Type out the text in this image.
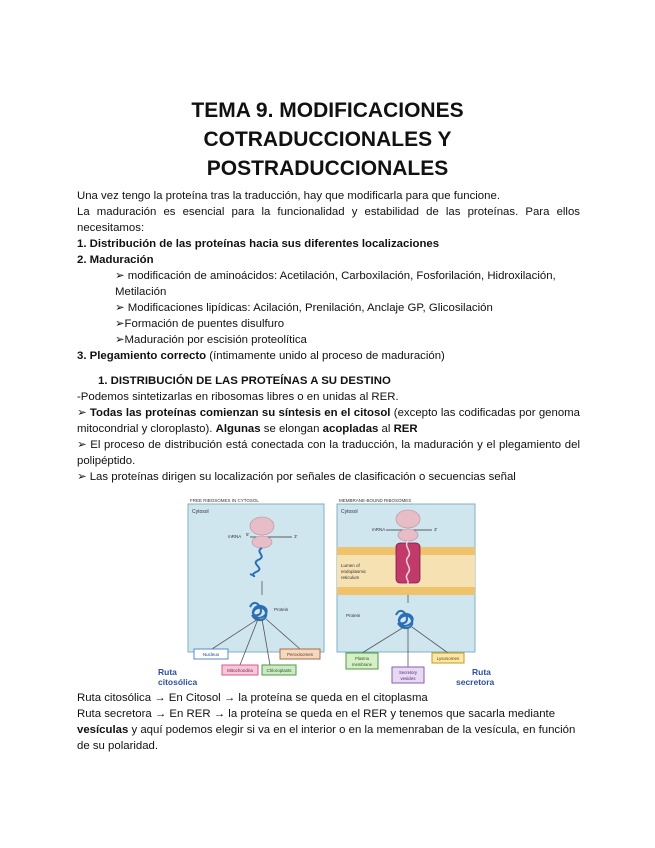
TEMA 9. MODIFICACIONES
COTRADUCCIONALES Y
POSTRADUCCIONALES

Una vez tengo la proteína tras la traducción, hay que modificarla para que funcione.

La maduración es esencial para la funcionalidad y estabilidad de las proteínas. Para ellos necesitamos:

1. Distribución de las proteínas hacia sus diferentes localizaciones

2. Maduración

➢ modificación de aminoácidos: Acetilación, Carboxilación, Fosforilación, Hidroxilación, Metilación

➢ Modificaciones lipídicas: Acilación, Prenilación, Anclaje GP, Glicosilación

➢Formación de puentes disulfuro

➢Maduración por escisión proteolítica

3. Plegamiento correcto (íntimamente unido al proceso de maduración)

1. DISTRIBUCIÓN DE LAS PROTEÍNAS A SU DESTINO

-Podemos sintetizarlas en ribosomas libres o en unidas al RER.

➢ Todas las proteínas comienzan su síntesis en el citosol (excepto las codificadas por genoma mitocondrial y cloroplasto). Algunas se elongan acopladas al RER

➢ El proceso de distribución está conectada con la traducción, la maduración y el plegamiento del polipéptido.

➢ Las proteínas dirigen su localización por señales de clasificación o secuencias señal

FREE RIBOSOMES IN CYTOSOL
Cytosol
mRNA 5'	3'
Protein
Nucleus
Mitochondria	Chloroplasts
Peroxisomes
Ruta
citosólica
MEMBRANE-BOUND RIBOSOMES
Cytosol
Lumen of
endoplasmic
reticulum
mRNA	3'
Protein
Plasma
membrane
Secretory
vesicles
Lysosomes
Ruta
secretora

Ruta citosólica → En Citosol → la proteína se queda en el citoplasma

Ruta secretora → En RER → la proteína se queda en el RER y tenemos que sacarla mediante vesículas y aquí podemos elegir si va en el interior o en la memenraban de la vesícula, en función de su polaridad.
